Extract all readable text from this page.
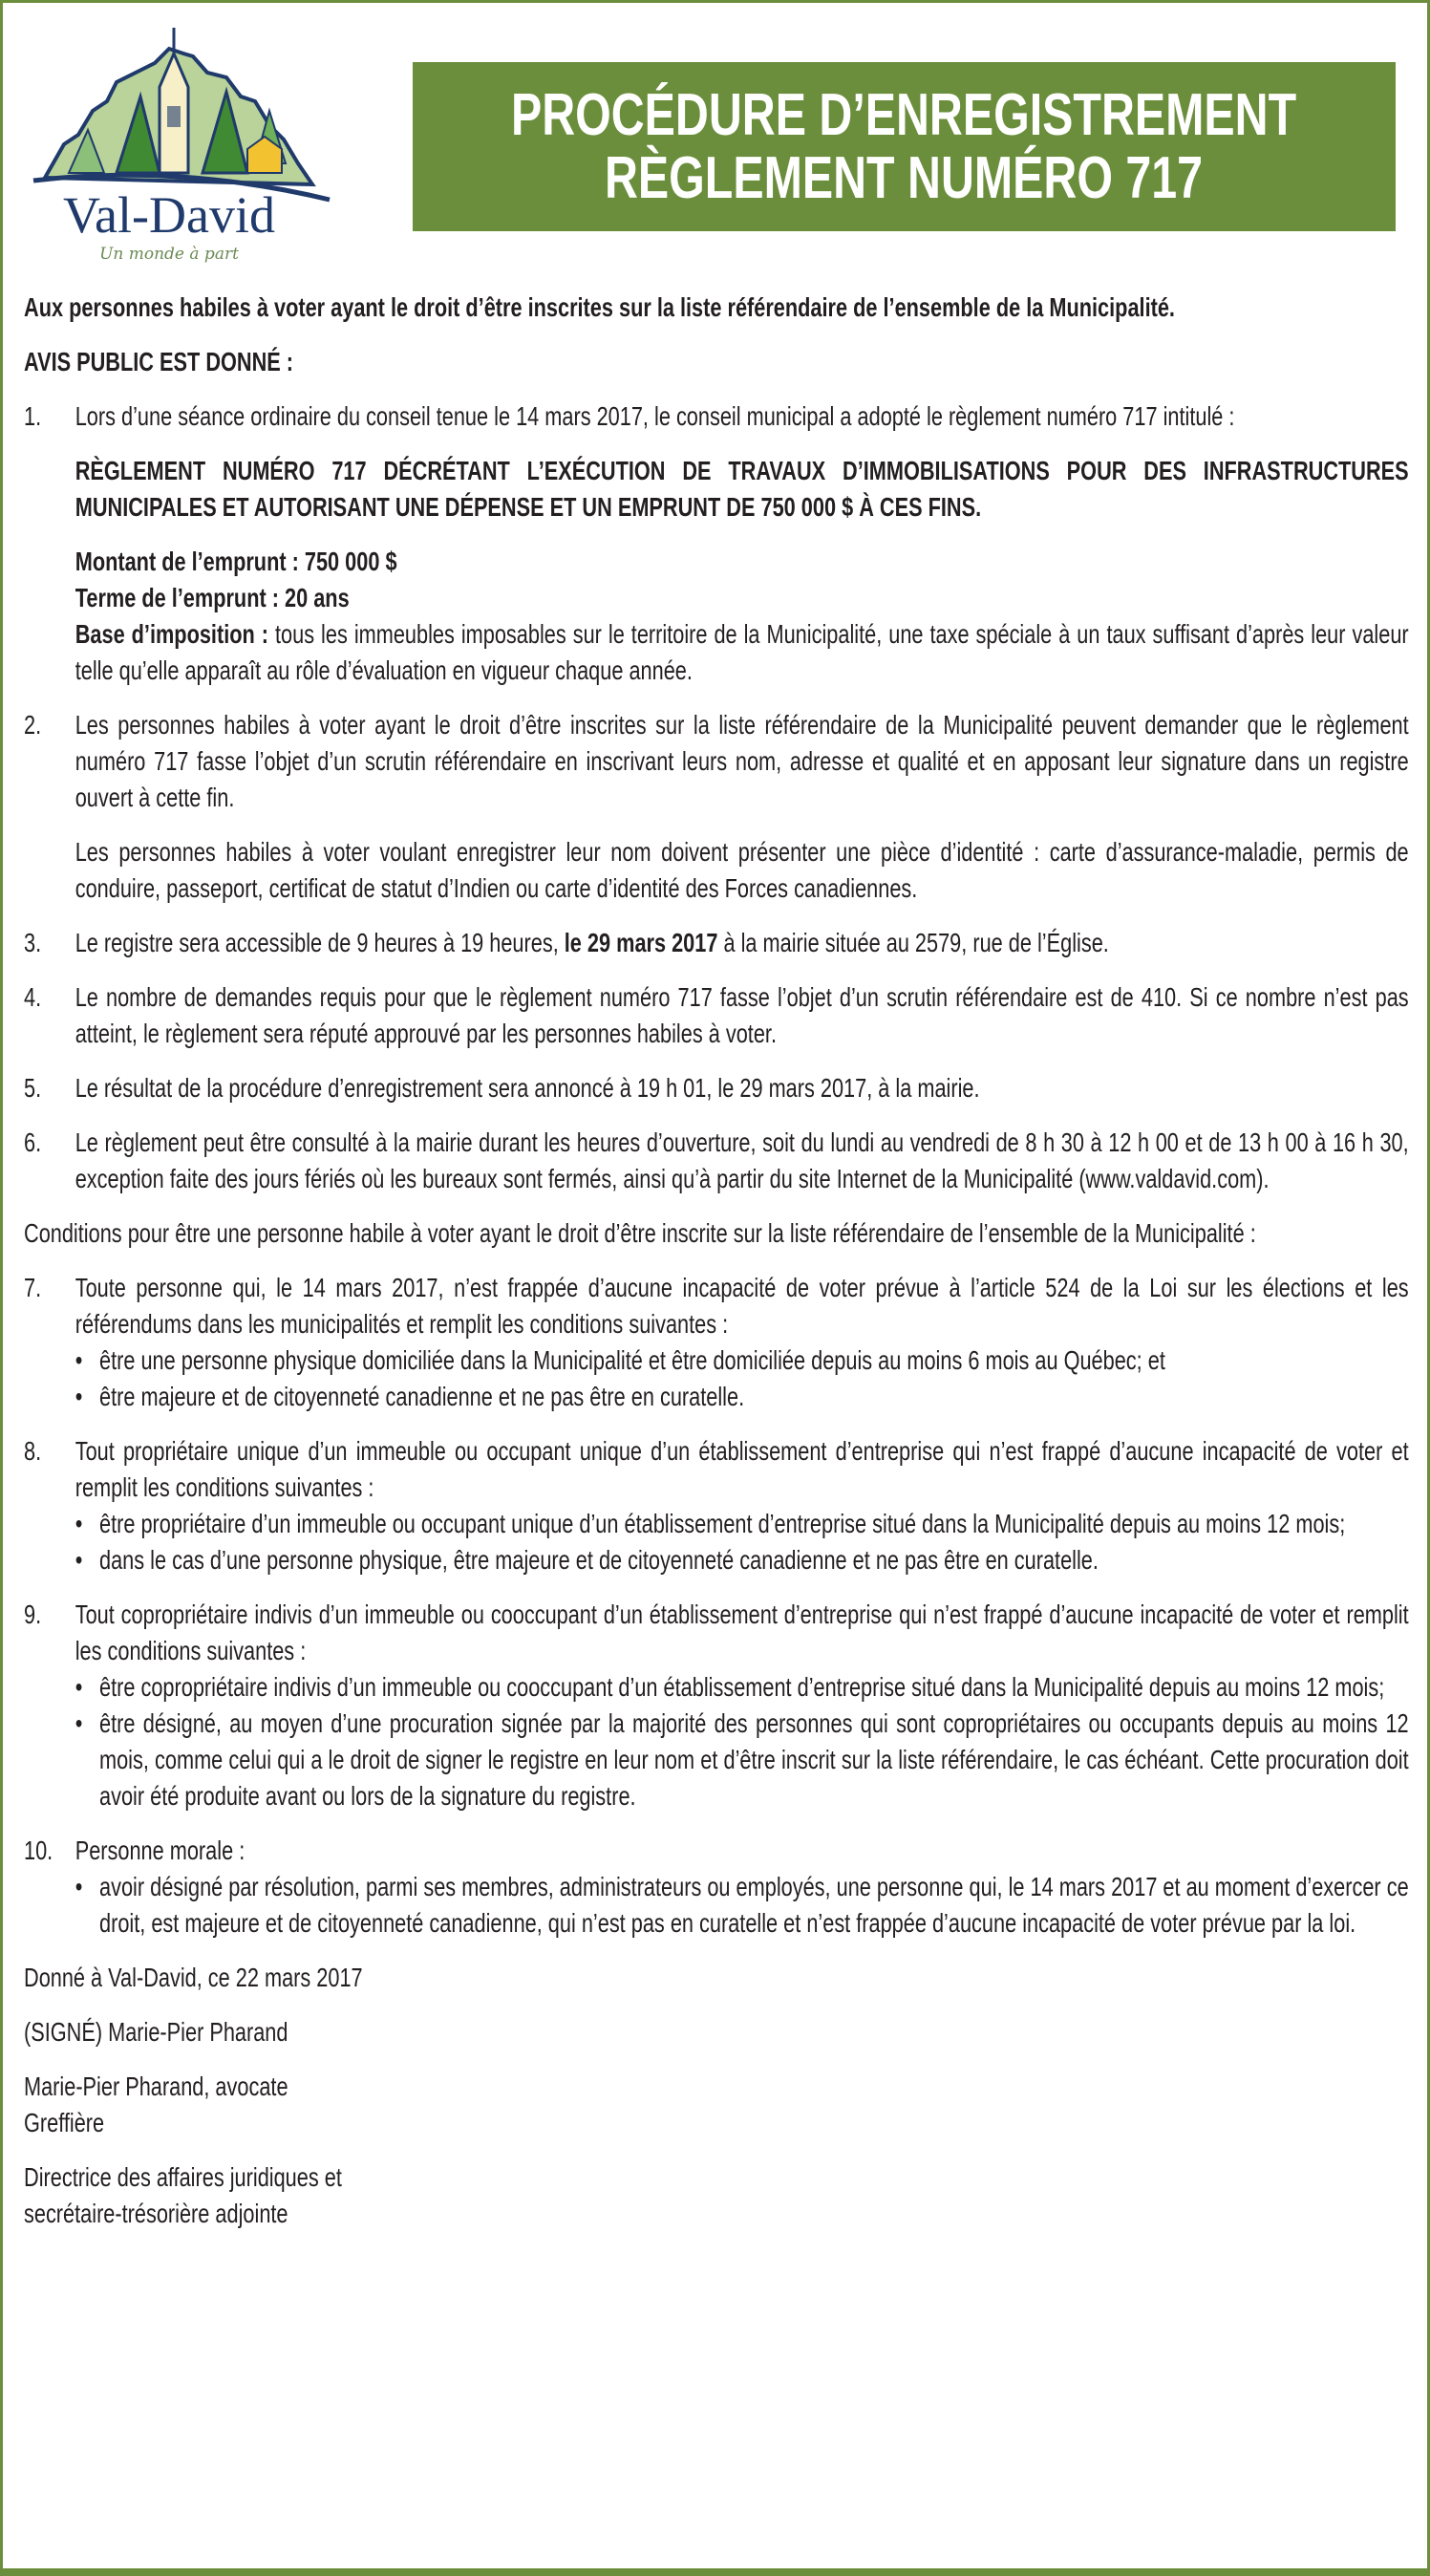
Val-David
Un monde à part
PROCÉDURE D’ENREGISTREMENT
RÈGLEMENT NUMÉRO 717

Aux personnes habiles à voter ayant le droit d’être inscrites sur la liste référendaire de l’ensemble de la Municipalité.

AVIS PUBLIC EST DONNÉ :

1.	Lors d’une séance ordinaire du conseil tenue le 14 mars 2017, le conseil municipal a adopté le règlement numéro 717 intitulé :
RÈGLEMENT NUMÉRO 717 DÉCRÉTANT L’EXÉCUTION DE TRAVAUX D’IMMOBILISATIONS POUR DES INFRASTRUCTURES MUNICIPALES ET AUTORISANT UNE DÉPENSE ET UN EMPRUNT DE 750 000 $ À CES FINS.
Montant de l’emprunt : 750 000 $
Terme de l’emprunt : 20 ans
Base d’imposition : tous les immeubles imposables sur le territoire de la Municipalité, une taxe spéciale à un taux suffisant d’après leur valeur telle qu’elle apparaît au rôle d’évaluation en vigueur chaque année.
2.	Les personnes habiles à voter ayant le droit d’être inscrites sur la liste référendaire de la Municipalité peuvent demander que le règlement numéro 717 fasse l’objet d’un scrutin référendaire en inscrivant leurs nom, adresse et qualité et en apposant leur signature dans un registre ouvert à cette fin.
Les personnes habiles à voter voulant enregistrer leur nom doivent présenter une pièce d’identité : carte d’assurance-maladie, permis de conduire, passeport, certificat de statut d’Indien ou carte d’identité des Forces canadiennes.
3.	Le registre sera accessible de 9 heures à 19 heures, le 29 mars 2017 à la mairie située au 2579, rue de l’Église.
4.	Le nombre de demandes requis pour que le règlement numéro 717 fasse l’objet d’un scrutin référendaire est de 410. Si ce nombre n’est pas atteint, le règlement sera réputé approuvé par les personnes habiles à voter.
5.	Le résultat de la procédure d’enregistrement sera annoncé à 19 h 01, le 29 mars 2017, à la mairie.
6.	Le règlement peut être consulté à la mairie durant les heures d’ouverture, soit du lundi au vendredi de 8 h 30 à 12 h 00 et de 13 h 00 à 16 h 30, exception faite des jours fériés où les bureaux sont fermés, ainsi qu’à partir du site Internet de la Municipalité (www.valdavid.com).

Conditions pour être une personne habile à voter ayant le droit d’être inscrite sur la liste référendaire de l’ensemble de la Municipalité :

7.	Toute personne qui, le 14 mars 2017, n’est frappée d’aucune incapacité de voter prévue à l’article 524 de la Loi sur les élections et les référendums dans les municipalités et remplit les conditions suivantes :
• être une personne physique domiciliée dans la Municipalité et être domiciliée depuis au moins 6 mois au Québec; et
• être majeure et de citoyenneté canadienne et ne pas être en curatelle.
8.	Tout propriétaire unique d’un immeuble ou occupant unique d’un établissement d’entreprise qui n’est frappé d’aucune incapacité de voter et remplit les conditions suivantes :
• être propriétaire d’un immeuble ou occupant unique d’un établissement d’entreprise situé dans la Municipalité depuis au moins 12 mois;
• dans le cas d’une personne physique, être majeure et de citoyenneté canadienne et ne pas être en curatelle.
9.	Tout copropriétaire indivis d’un immeuble ou cooccupant d’un établissement d’entreprise qui n’est frappé d’aucune incapacité de voter et remplit les conditions suivantes :
• être copropriétaire indivis d’un immeuble ou cooccupant d’un établissement d’entreprise situé dans la Municipalité depuis au moins 12 mois;
• être désigné, au moyen d’une procuration signée par la majorité des personnes qui sont copropriétaires ou occupants depuis au moins 12 mois, comme celui qui a le droit de signer le registre en leur nom et d’être inscrit sur la liste référendaire, le cas échéant. Cette procuration doit avoir été produite avant ou lors de la signature du registre.
10. Personne morale :
• avoir désigné par résolution, parmi ses membres, administrateurs ou employés, une personne qui, le 14 mars 2017 et au moment d’exercer ce droit, est majeure et de citoyenneté canadienne, qui n’est pas en curatelle et n’est frappée d’aucune incapacité de voter prévue par la loi.
Donné à Val-David, ce 22 mars 2017
(SIGNÉ) Marie-Pier Pharand
Marie-Pier Pharand, avocate
Greffière
Directrice des affaires juridiques et
secrétaire-trésorière adjointe
